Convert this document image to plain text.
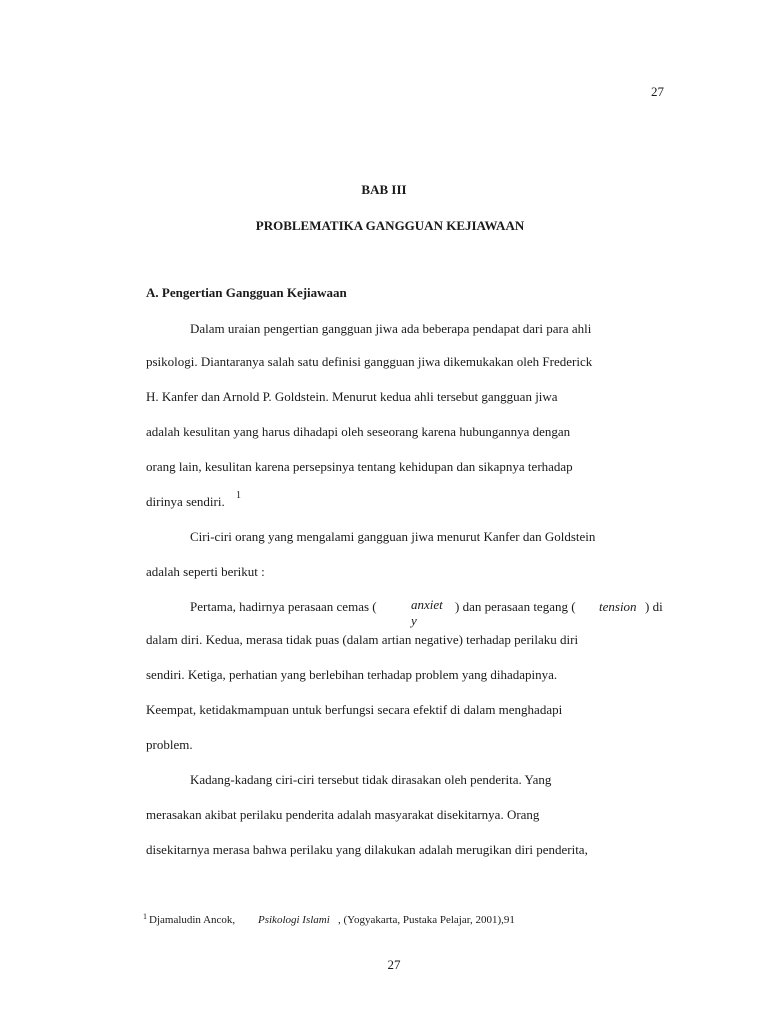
27
BAB III
PROBLEMATIKA GANGGUAN KEJIAWAAN
A. Pengertian Gangguan Kejiawaan
Dalam uraian pengertian gangguan jiwa ada beberapa pendapat dari para ahli
psikologi. Diantaranya salah satu definisi gangguan jiwa dikemukakan oleh Frederick
H. Kanfer dan Arnold P. Goldstein. Menurut kedua ahli tersebut gangguan jiwa
adalah kesulitan yang harus dihadapi oleh seseorang karena hubungannya dengan
orang lain, kesulitan karena persepsinya tentang kehidupan dan sikapnya terhadap
dirinya sendiri. 1
Ciri-ciri orang yang mengalami gangguan jiwa menurut Kanfer dan Goldstein
adalah seperti berikut :
Pertama, hadirnya perasaan cemas (	anxiet
y
) dan perasaan tegang ( tension ) di
dalam diri. Kedua, merasa tidak puas (dalam artian negative) terhadap perilaku diri
sendiri. Ketiga, perhatian yang berlebihan terhadap problem yang dihadapinya.
Keempat, ketidakmampuan untuk berfungsi secara efektif di dalam menghadapi
problem.
Kadang-kadang ciri-ciri tersebut tidak dirasakan oleh penderita. Yang
merasakan akibat perilaku penderita adalah masyarakat disekitarnya. Orang
disekitarnya merasa bahwa perilaku yang dilakukan adalah merugikan diri penderita,
1 Djamaludin Ancok, Psikologi Islami , (Yogyakarta, Pustaka Pelajar, 2001),91
27
